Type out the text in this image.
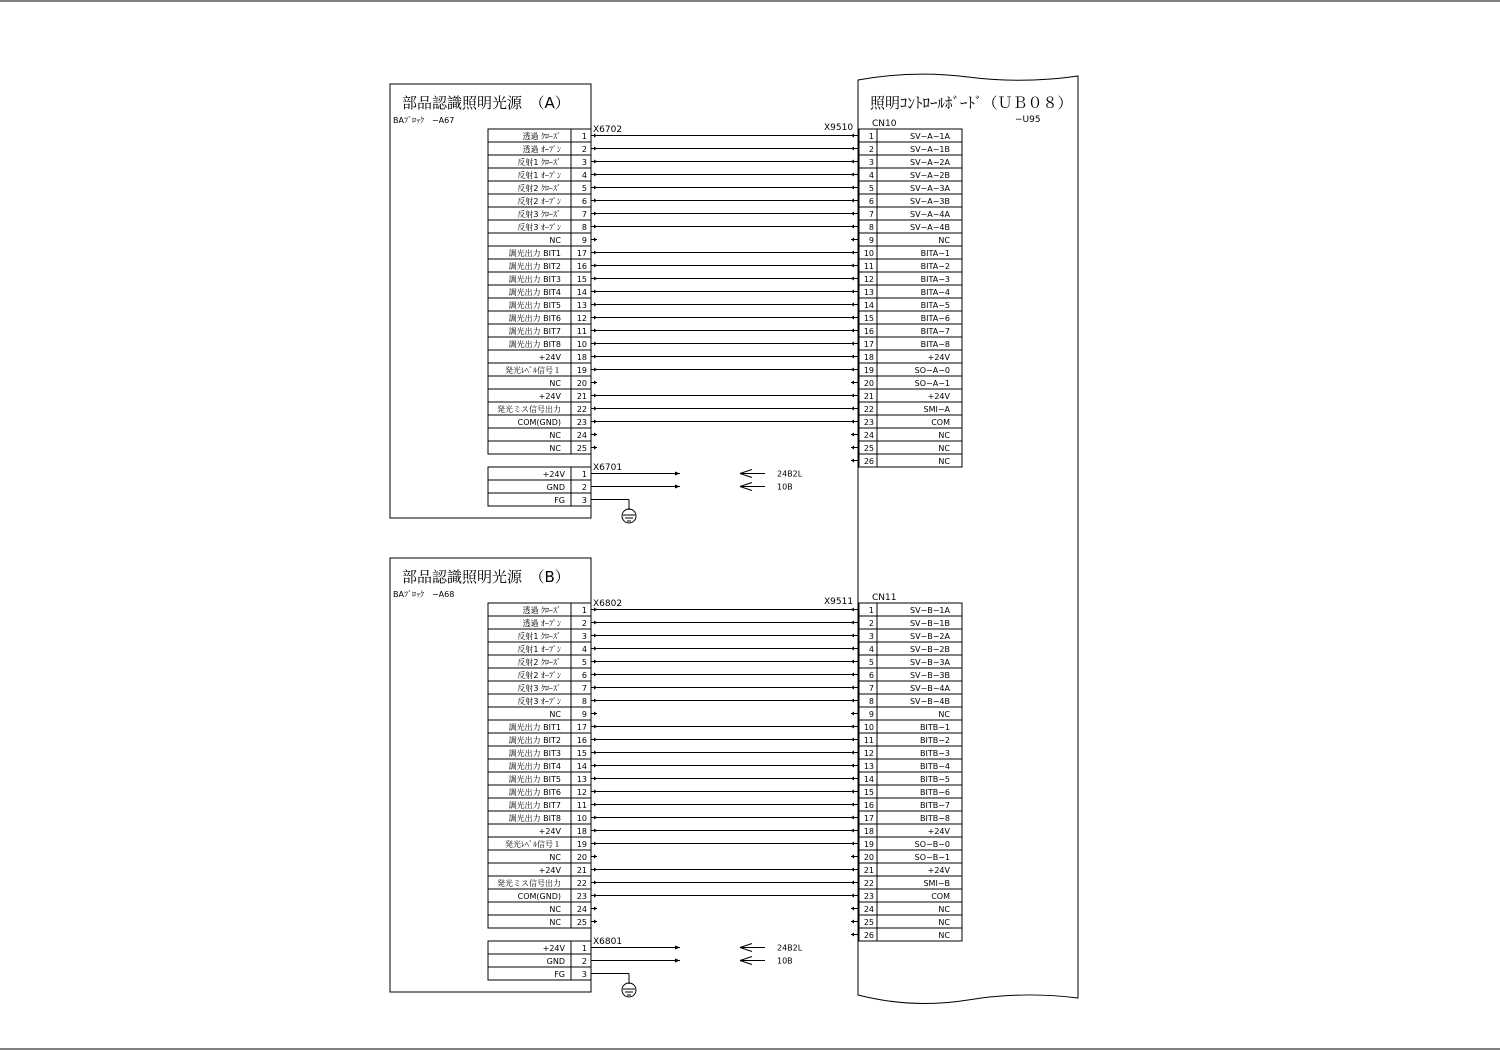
照明ｺﾝﾄﾛｰﾙﾎﾞｰﾄﾞ（ＵＢ０８）
−U95
部品認識照明光源　（A）
BAﾌﾞﾛｯｸ　−A67
X6702	X9510 CN10
X6701
透過 ｸﾛｰｽﾞ	1
透過 ｵｰﾌﾟﾝ	2
反射1 ｸﾛｰｽﾞ	3
反射1 ｵｰﾌﾟﾝ	4
反射2 ｸﾛｰｽﾞ	5
反射2 ｵｰﾌﾟﾝ	6
反射3 ｸﾛｰｽﾞ	7
反射3 ｵｰﾌﾟﾝ	8
NC	9
調光出力 BIT1 17
調光出力 BIT2 16
調光出力 BIT3 15
調光出力 BIT4 14
調光出力 BIT5 13
調光出力 BIT6 12
調光出力 BIT7 11
調光出力 BIT8 10
+24V 18
発光ﾚﾍﾞﾙ信号１ 19
NC 20
+24V 21
発光ミス信号出力 22
COM(GND) 23
NC 24
NC 25
1	SV−A−1A
2	SV−A−1B
3	SV−A−2A
4	SV−A−2B
5	SV−A−3A
6	SV−A−3B
7	SV−A−4A
8	SV−A−4B
9	NC
10	BITA−1
11	BITA−2
12	BITA−3
13	BITA−4
14	BITA−5
15	BITA−6
16	BITA−7
17	BITA−8
18	+24V
19	SO−A−0
20	SO−A−1
21	+24V
22	SMI−A
23	COM
24	NC
25	NC
26	NC
+24V 1	24B2L
GND 2	10B
FG 3
部品認識照明光源　（B）
BAﾌﾞﾛｯｸ　−A68
X6802	X9511 CN11
X6801
透過 ｸﾛｰｽﾞ	1
透過 ｵｰﾌﾟﾝ	2
反射1 ｸﾛｰｽﾞ	3
反射1 ｵｰﾌﾟﾝ	4
反射2 ｸﾛｰｽﾞ	5
反射2 ｵｰﾌﾟﾝ	6
反射3 ｸﾛｰｽﾞ	7
反射3 ｵｰﾌﾟﾝ	8
NC	9
調光出力 BIT1 17
調光出力 BIT2 16
調光出力 BIT3 15
調光出力 BIT4 14
調光出力 BIT5 13
調光出力 BIT6 12
調光出力 BIT7 11
調光出力 BIT8 10
+24V 18
発光ﾚﾍﾞﾙ信号１ 19
NC 20
+24V 21
発光ミス信号出力 22
COM(GND) 23
NC 24
NC 25
1	SV−B−1A
2	SV−B−1B
3	SV−B−2A
4	SV−B−2B
5	SV−B−3A
6	SV−B−3B
7	SV−B−4A
8	SV−B−4B
9	NC
10	BITB−1
11	BITB−2
12	BITB−3
13	BITB−4
14	BITB−5
15	BITB−6
16	BITB−7
17	BITB−8
18	+24V
19	SO−B−0
20	SO−B−1
21	+24V
22	SMI−B
23	COM
24	NC
25	NC
26	NC
+24V 1	24B2L
GND 2	10B
FG 3
